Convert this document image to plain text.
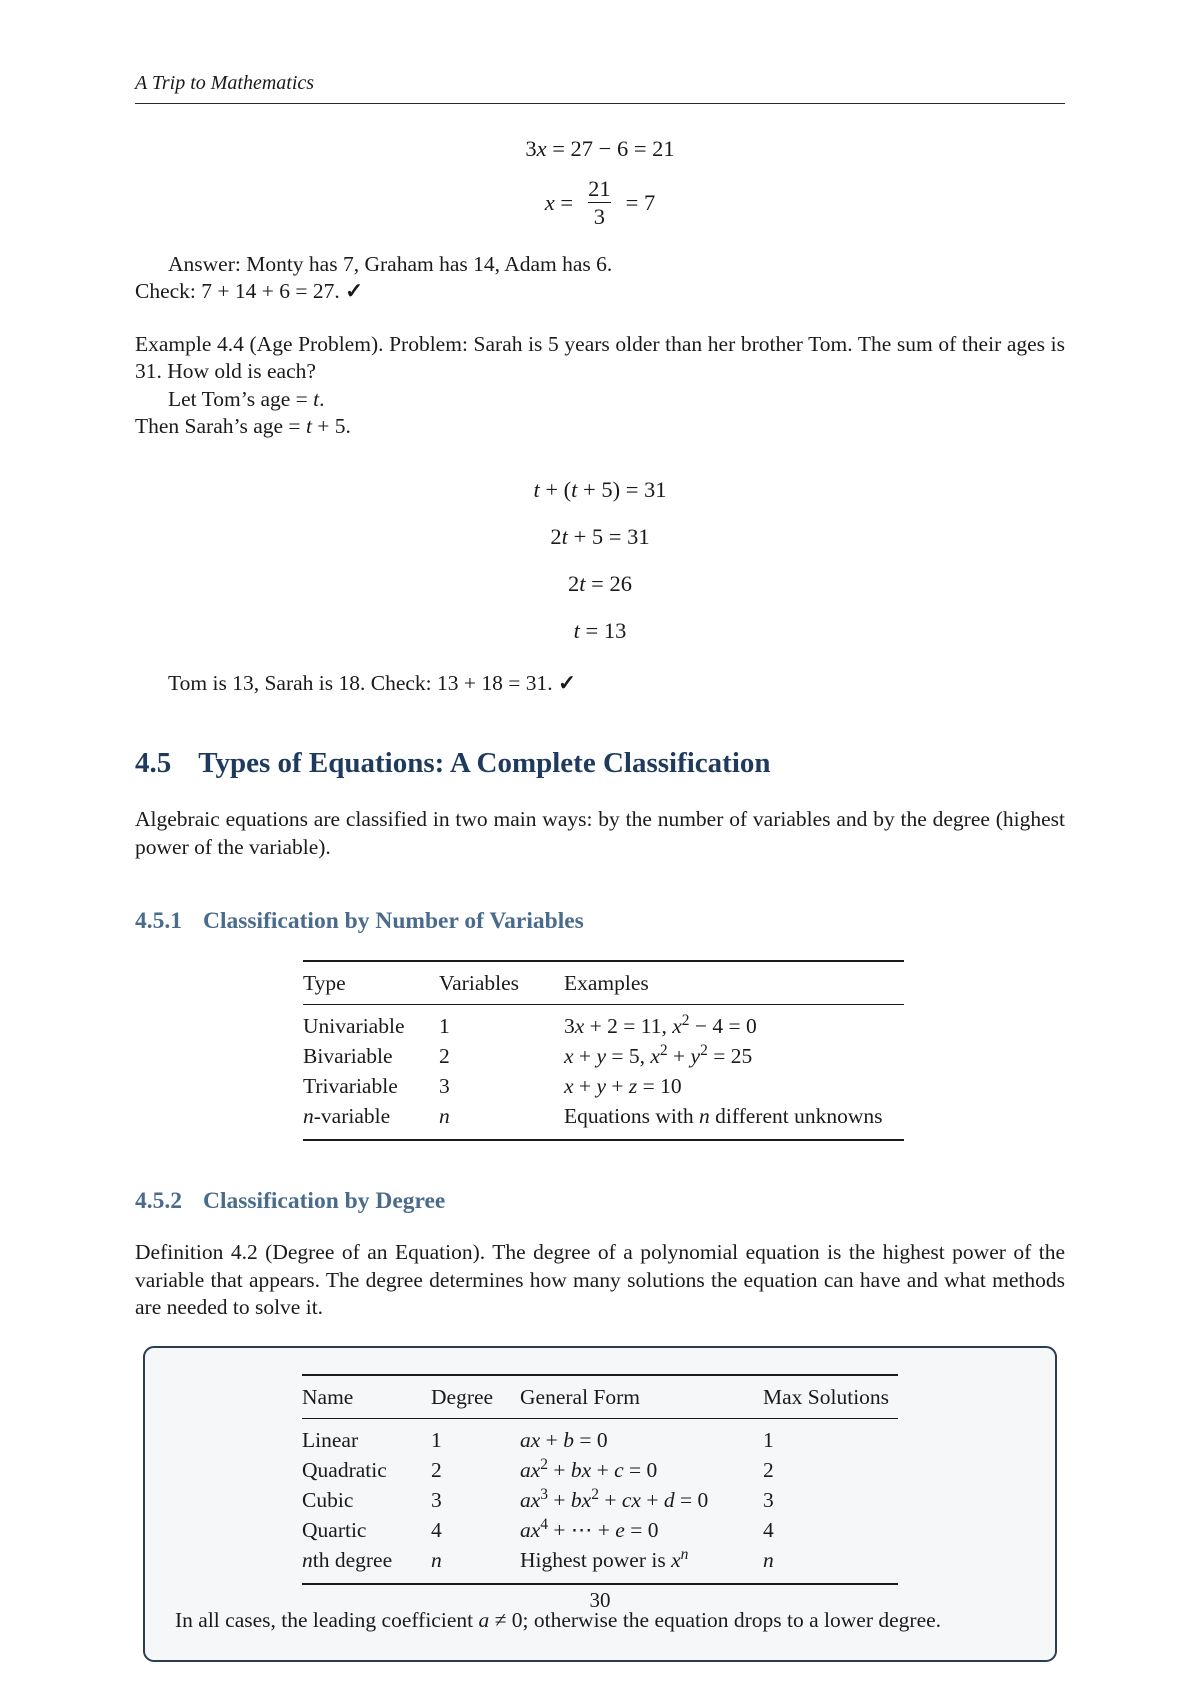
A Trip to Mathematics

3x = 27 − 6 = 21

$x = \frac{21}{3} = 7$

Answer: Monty has 7, Graham has 14, Adam has 6.

Check: 7 + 14 + 6 = 27. ✓

Example 4.4 (Age Problem). Problem: Sarah is 5 years older than her brother Tom. The sum of their ages is 31. How old is each?

Let Tom’s age = t.

Then Sarah’s age = t + 5.

t + (t + 5) = 31

2t + 5 = 31

2t = 26

t = 13

Tom is 13, Sarah is 18. Check: 13 + 18 = 31. ✓

4.5 Types of Equations: A Complete Classification

Algebraic equations are classified in two main ways: by the number of variables and by the degree (highest power of the variable).

4.5.1 Classification by Number of Variables
Type	Variables	Examples
Univariable	1	3x + 2 = 11, $x^2 - 4 = 0$
Bivariable	2	x + y = 5, $x^2 + y^2 = 25$
Trivariable	3	x + y + z = 10
n-variable	n	Equations with n different unknowns
4.5.2 Classification by Degree

Definition 4.2 (Degree of an Equation). The degree of a polynomial equation is the highest power of the variable that appears. The degree determines how many solutions the equation can have and what methods are needed to solve it.

Name	Degree	General Form	Max Solutions
Linear	1	ax + b = 0	1
Quadratic	2	$ax^2$ + bx + c = 0	2
Cubic	3	$ax^3 + bx^2$ + cx + d = 0	3
Quartic	4	$ax^4$ + ⋯ + e = 0	4
nth degree	n	Highest power is $x^n$	n

In all cases, the leading coefficient a ≠ 0; otherwise the equation drops to a lower degree.

30
